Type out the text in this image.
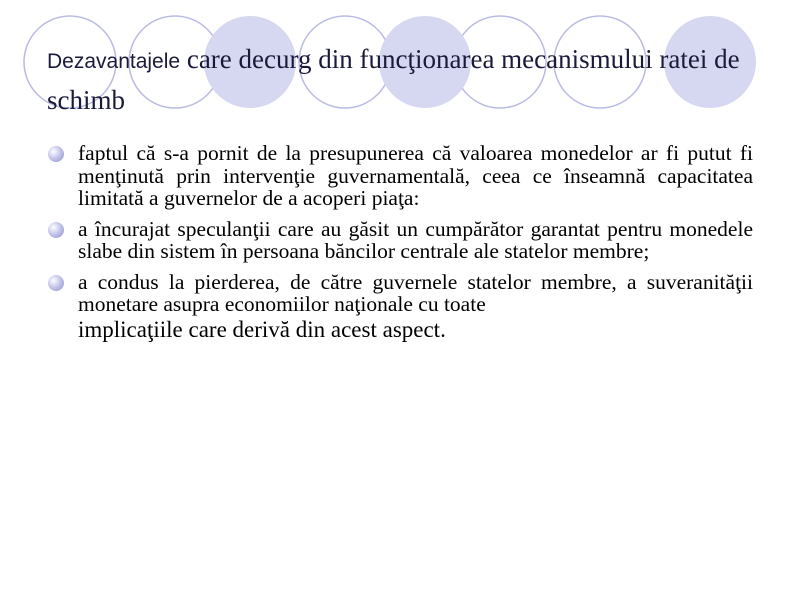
Dezavantajele care decurg din funcţionarea mecanismului ratei de schimb
faptul că s-a pornit de la presupunerea că valoarea monedelor ar fi putut fi menţinută prin intervenţie guvernamentală, ceea ce înseamnă capacitatea limitată a guvernelor de a acoperi piaţa:
a încurajat speculanţii care au găsit un cumpărător garantat pentru monedele slabe din sistem în persoana băncilor centrale ale statelor membre;
a condus la pierderea, de către guvernele statelor membre, a suveranităţii monetare asupra economiilor naţionale cu toate
implicaţiile care derivă din acest aspect.
